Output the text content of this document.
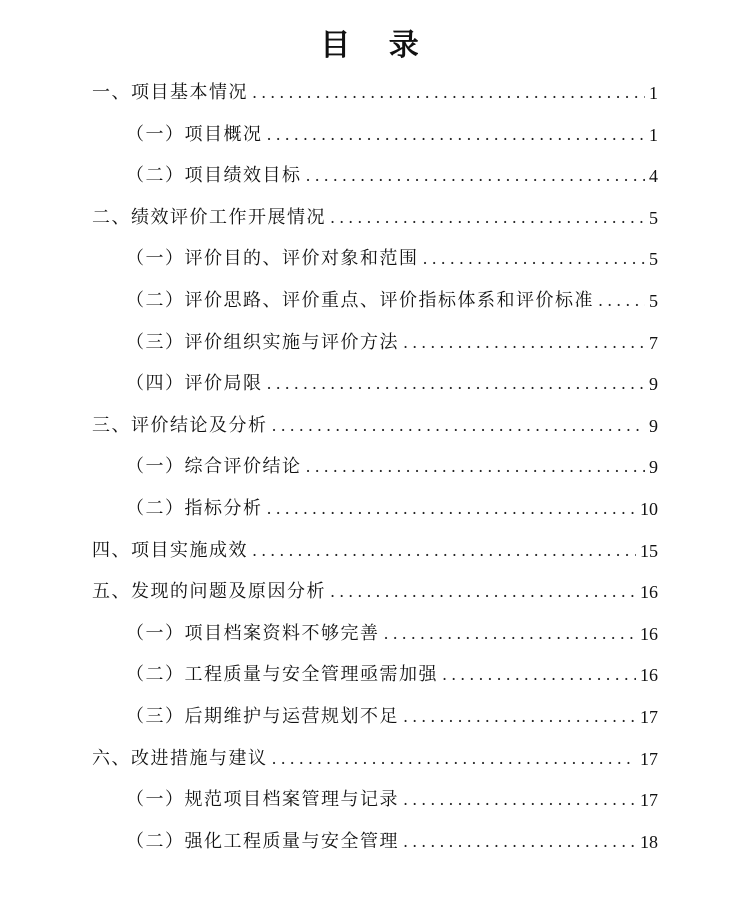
目 录
一、项目基本情况 .....	1
（一）项目概况 .....	1
（二）项目绩效目标 .....	4
二、绩效评价工作开展情况 .....	5
（一）评价目的、评价对象和范围 .....	5
（二）评价思路、评价重点、评价指标体系和评价标准 .....	5
（三）评价组织实施与评价方法 .....	7
（四）评价局限 .....	9
三、评价结论及分析 .....	9
（一）综合评价结论 .....	9
（二）指标分析 .....	10
四、项目实施成效 .....	15
五、发现的问题及原因分析 .....	16
（一）项目档案资料不够完善 .....	16
（二）工程质量与安全管理亟需加强 .....	16
（三）后期维护与运营规划不足 .....	17
六、改进措施与建议 .....	17
（一）规范项目档案管理与记录 .....	17
（二）强化工程质量与安全管理 .....	18
